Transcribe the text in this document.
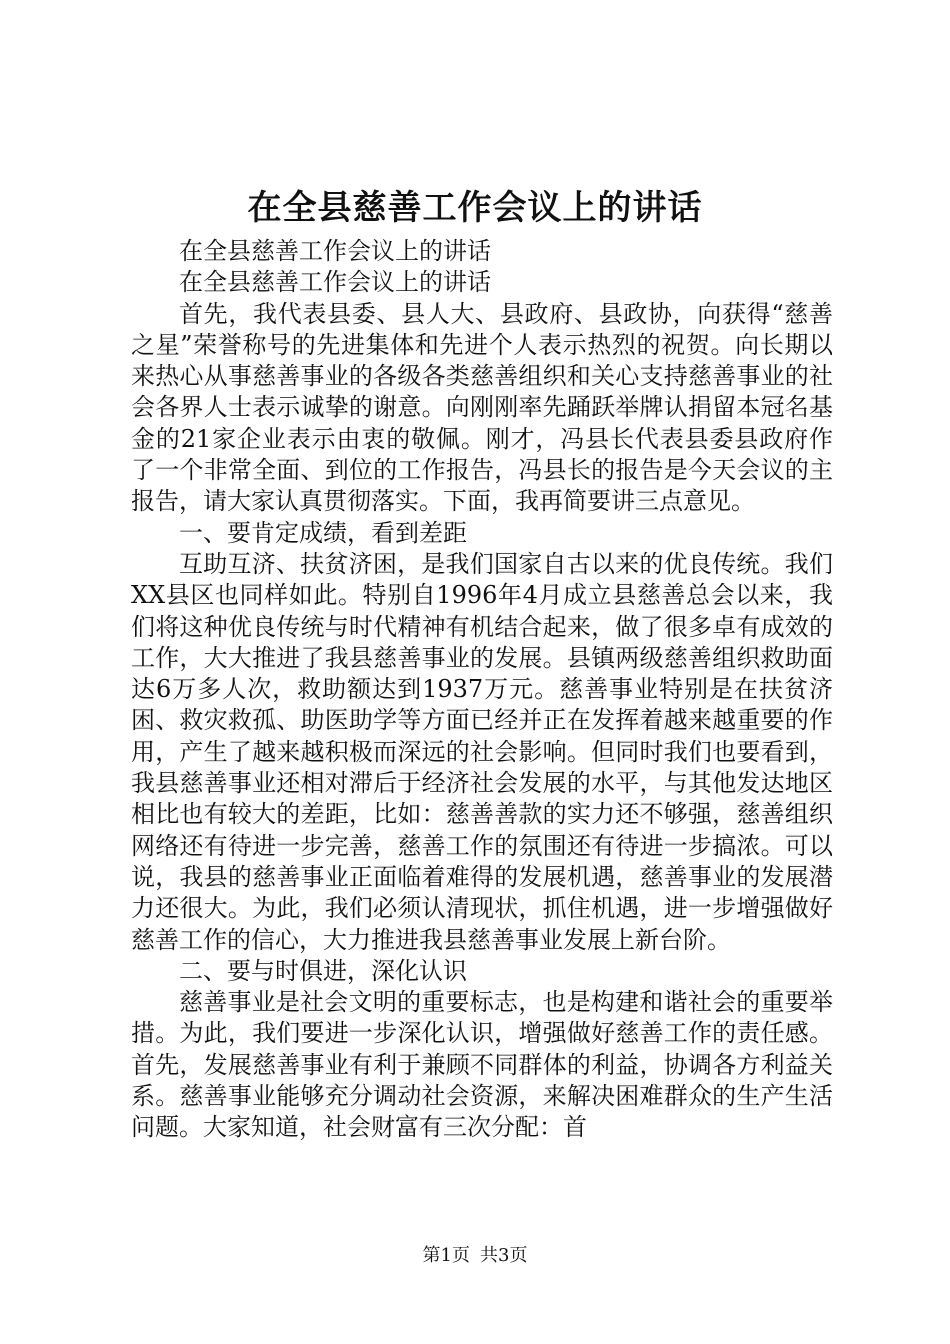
在全县慈善工作会议上的讲话

在全县慈善工作会议上的讲话

在全县慈善工作会议上的讲话

首先，我代表县委、县人大、县政府、县政协，向获得“慈善之星”荣誉称号的先进集体和先进个人表示热烈的祝贺。向长期以来热心从事慈善事业的各级各类慈善组织和关心支持慈善事业的社会各界人士表示诚挚的谢意。向刚刚率先踊跃举牌认捐留本冠名基金的21家企业表示由衷的敬佩。刚才，冯县长代表县委县政府作了一个非常全面、到位的工作报告，冯县长的报告是今天会议的主报告，请大家认真贯彻落实。下面，我再简要讲三点意见。

一、要肯定成绩，看到差距

互助互济、扶贫济困，是我们国家自古以来的优良传统。我们XX县区也同样如此。特别自1996年4月成立县慈善总会以来，我们将这种优良传统与时代精神有机结合起来，做了很多卓有成效的工作，大大推进了我县慈善事业的发展。县镇两级慈善组织救助面达6万多人次，救助额达到1937万元。慈善事业特别是在扶贫济困、救灾救孤、助医助学等方面已经并正在发挥着越来越重要的作用，产生了越来越积极而深远的社会影响。但同时我们也要看到，我县慈善事业还相对滞后于经济社会发展的水平，与其他发达地区相比也有较大的差距，比如：慈善善款的实力还不够强，慈善组织网络还有待进一步完善，慈善工作的氛围还有待进一步搞浓。可以说，我县的慈善事业正面临着难得的发展机遇，慈善事业的发展潜力还很大。为此，我们必须认清现状，抓住机遇，进一步增强做好慈善工作的信心，大力推进我县慈善事业发展上新台阶。

二、要与时俱进，深化认识

慈善事业是社会文明的重要标志，也是构建和谐社会的重要举措。为此，我们要进一步深化认识，增强做好慈善工作的责任感。首先，发展慈善事业有利于兼顾不同群体的利益，协调各方利益关系。慈善事业能够充分调动社会资源，来解决困难群众的生产生活问题。大家知道，社会财富有三次分配：首

第1页 共3页
